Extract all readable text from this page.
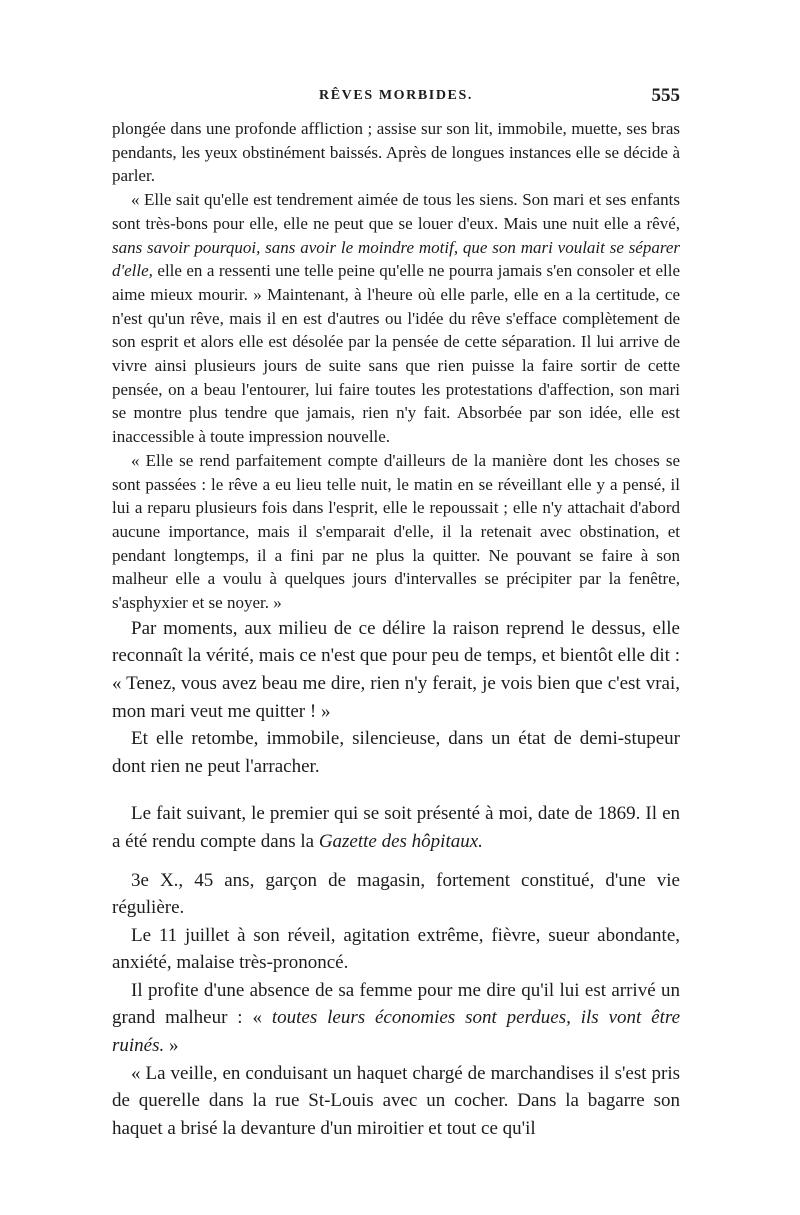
RÊVES MORBIDES.	555

plongée dans une profonde affliction ; assise sur son lit, immobile, muette, ses bras pendants, les yeux obstinément baissés. Après de longues instances elle se décide à parler.

« Elle sait qu'elle est tendrement aimée de tous les siens. Son mari et ses enfants sont très-bons pour elle, elle ne peut que se louer d'eux. Mais une nuit elle a rêvé, sans savoir pourquoi, sans avoir le moindre motif, que son mari voulait se séparer d'elle, elle en a ressenti une telle peine qu'elle ne pourra jamais s'en consoler et elle aime mieux mourir. » Maintenant, à l'heure où elle parle, elle en a la certitude, ce n'est qu'un rêve, mais il en est d'autres ou l'idée du rêve s'efface complètement de son esprit et alors elle est désolée par la pensée de cette séparation. Il lui arrive de vivre ainsi plusieurs jours de suite sans que rien puisse la faire sortir de cette pensée, on a beau l'entourer, lui faire toutes les protestations d'affection, son mari se montre plus tendre que jamais, rien n'y fait. Absorbée par son idée, elle est inaccessible à toute impression nouvelle.

« Elle se rend parfaitement compte d'ailleurs de la manière dont les choses se sont passées : le rêve a eu lieu telle nuit, le matin en se réveillant elle y a pensé, il lui a reparu plusieurs fois dans l'esprit, elle le repoussait ; elle n'y attachait d'abord aucune importance, mais il s'emparait d'elle, il la retenait avec obstination, et pendant longtemps, il a fini par ne plus la quitter. Ne pouvant se faire à son malheur elle a voulu à quelques jours d'intervalles se précipiter par la fenêtre, s'asphyxier et se noyer. »

Par moments, aux milieu de ce délire la raison reprend le dessus, elle reconnaît la vérité, mais ce n'est que pour peu de temps, et bientôt elle dit : « Tenez, vous avez beau me dire, rien n'y ferait, je vois bien que c'est vrai, mon mari veut me quitter ! »

Et elle retombe, immobile, silencieuse, dans un état de demi-stupeur dont rien ne peut l'arracher.

Le fait suivant, le premier qui se soit présenté à moi, date de 1869. Il en a été rendu compte dans la Gazette des hôpitaux.

3e X., 45 ans, garçon de magasin, fortement constitué, d'une vie régulière.

Le 11 juillet à son réveil, agitation extrême, fièvre, sueur abondante, anxiété, malaise très-prononcé.

Il profite d'une absence de sa femme pour me dire qu'il lui est arrivé un grand malheur : « toutes leurs économies sont perdues, ils vont être ruinés. »

« La veille, en conduisant un haquet chargé de marchandises il s'est pris de querelle dans la rue St-Louis avec un cocher. Dans la bagarre son haquet a brisé la devanture d'un miroitier et tout ce qu'il
